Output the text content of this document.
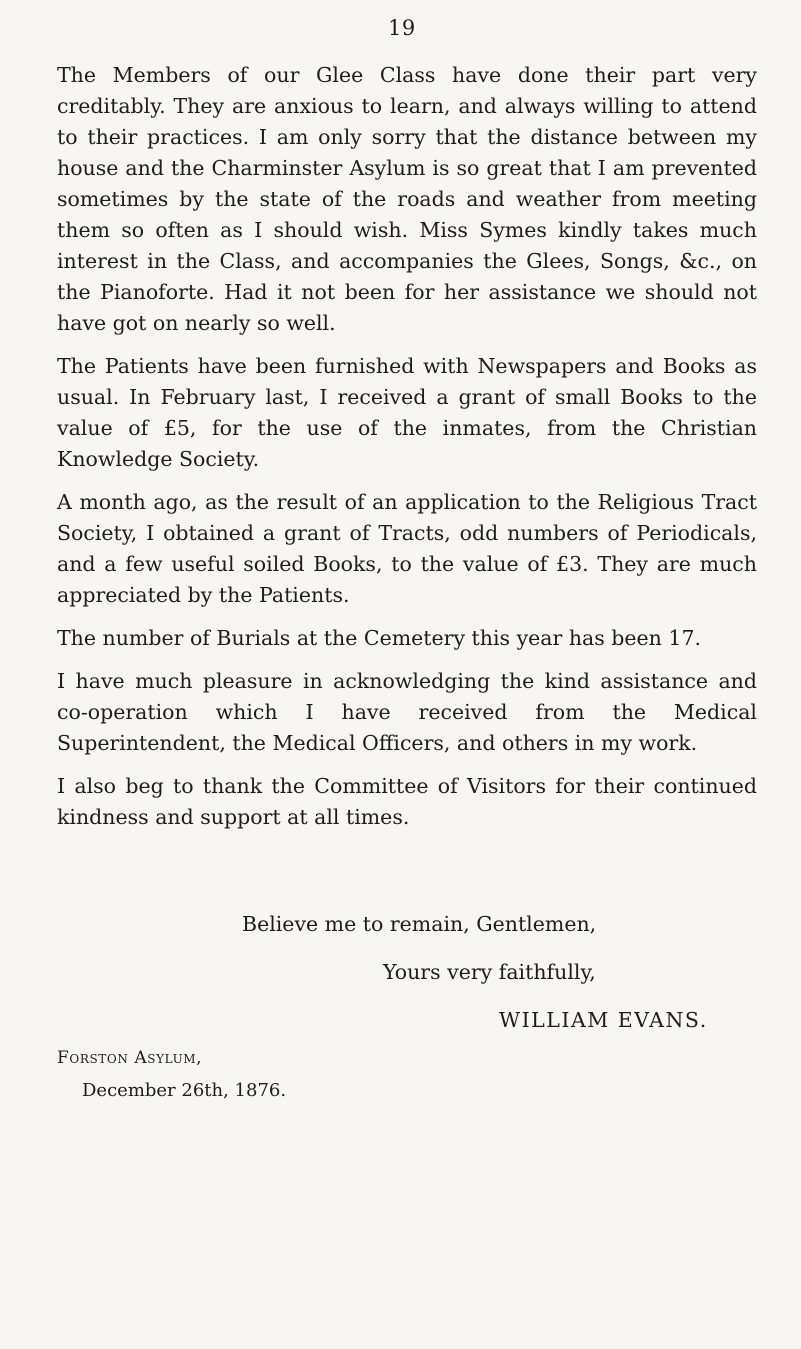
19

The Members of our Glee Class have done their part very creditably. They are anxious to learn, and always willing to attend to their practices. I am only sorry that the distance between my house and the Charminster Asylum is so great that I am prevented sometimes by the state of the roads and weather from meeting them so often as I should wish. Miss Symes kindly takes much interest in the Class, and accompanies the Glees, Songs, &c., on the Pianoforte. Had it not been for her assistance we should not have got on nearly so well.

The Patients have been furnished with Newspapers and Books as usual. In February last, I received a grant of small Books to the value of £5, for the use of the inmates, from the Christian Knowledge Society.

A month ago, as the result of an application to the Religious Tract Society, I obtained a grant of Tracts, odd numbers of Periodicals, and a few useful soiled Books, to the value of £3. They are much appreciated by the Patients.

The number of Burials at the Cemetery this year has been 17.

I have much pleasure in acknowledging the kind assistance and co-operation which I have received from the Medical Superintendent, the Medical Officers, and others in my work.

I also beg to thank the Committee of Visitors for their continued kindness and support at all times.

Believe me to remain, Gentlemen,
Yours very faithfully,
WILLIAM EVANS.
Forston Asylum,
December 26th, 1876.
